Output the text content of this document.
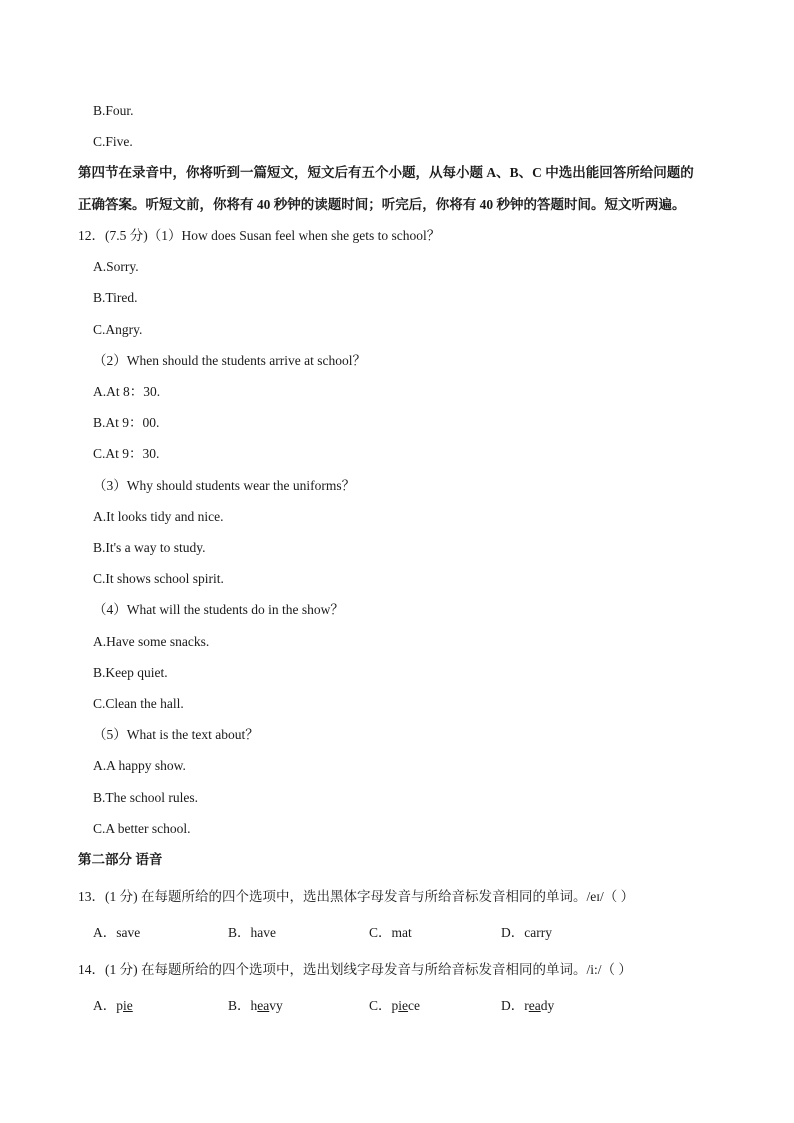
B.Four.
C.Five.
第四节在录音中，你将听到一篇短文，短文后有五个小题，从每小题 A、B、C 中选出能回答所给问题的
正确答案。听短文前，你将有 40 秒钟的读题时间；听完后，你将有 40 秒钟的答题时间。短文听两遍。
12．(7.5 分)（1）How does Susan feel when she gets to school？
A.Sorry.
B.Tired.
C.Angry.
（2）When should the students arrive at school？
A.At 8：30.
B.At 9：00.
C.At 9：30.
（3）Why should students wear the uniforms？
A.It looks tidy and nice.
B.It's a way to study.
C.It shows school spirit.
（4）What will the students do in the show？
A.Have some snacks.
B.Keep quiet.
C.Clean the hall.
（5）What is the text about？
A.A happy show.
B.The school rules.
C.A better school.
第二部分 语音
13．(1 分) 在每题所给的四个选项中，选出黑体字母发音与所给音标发音相同的单词。/eɪ/（ ）
A．save	B．have	C．mat	D．carry
14．(1 分) 在每题所给的四个选项中，选出划线字母发音与所给音标发音相同的单词。/i:/（ ）
A．pie	B．heavy	C．piece	D．ready
